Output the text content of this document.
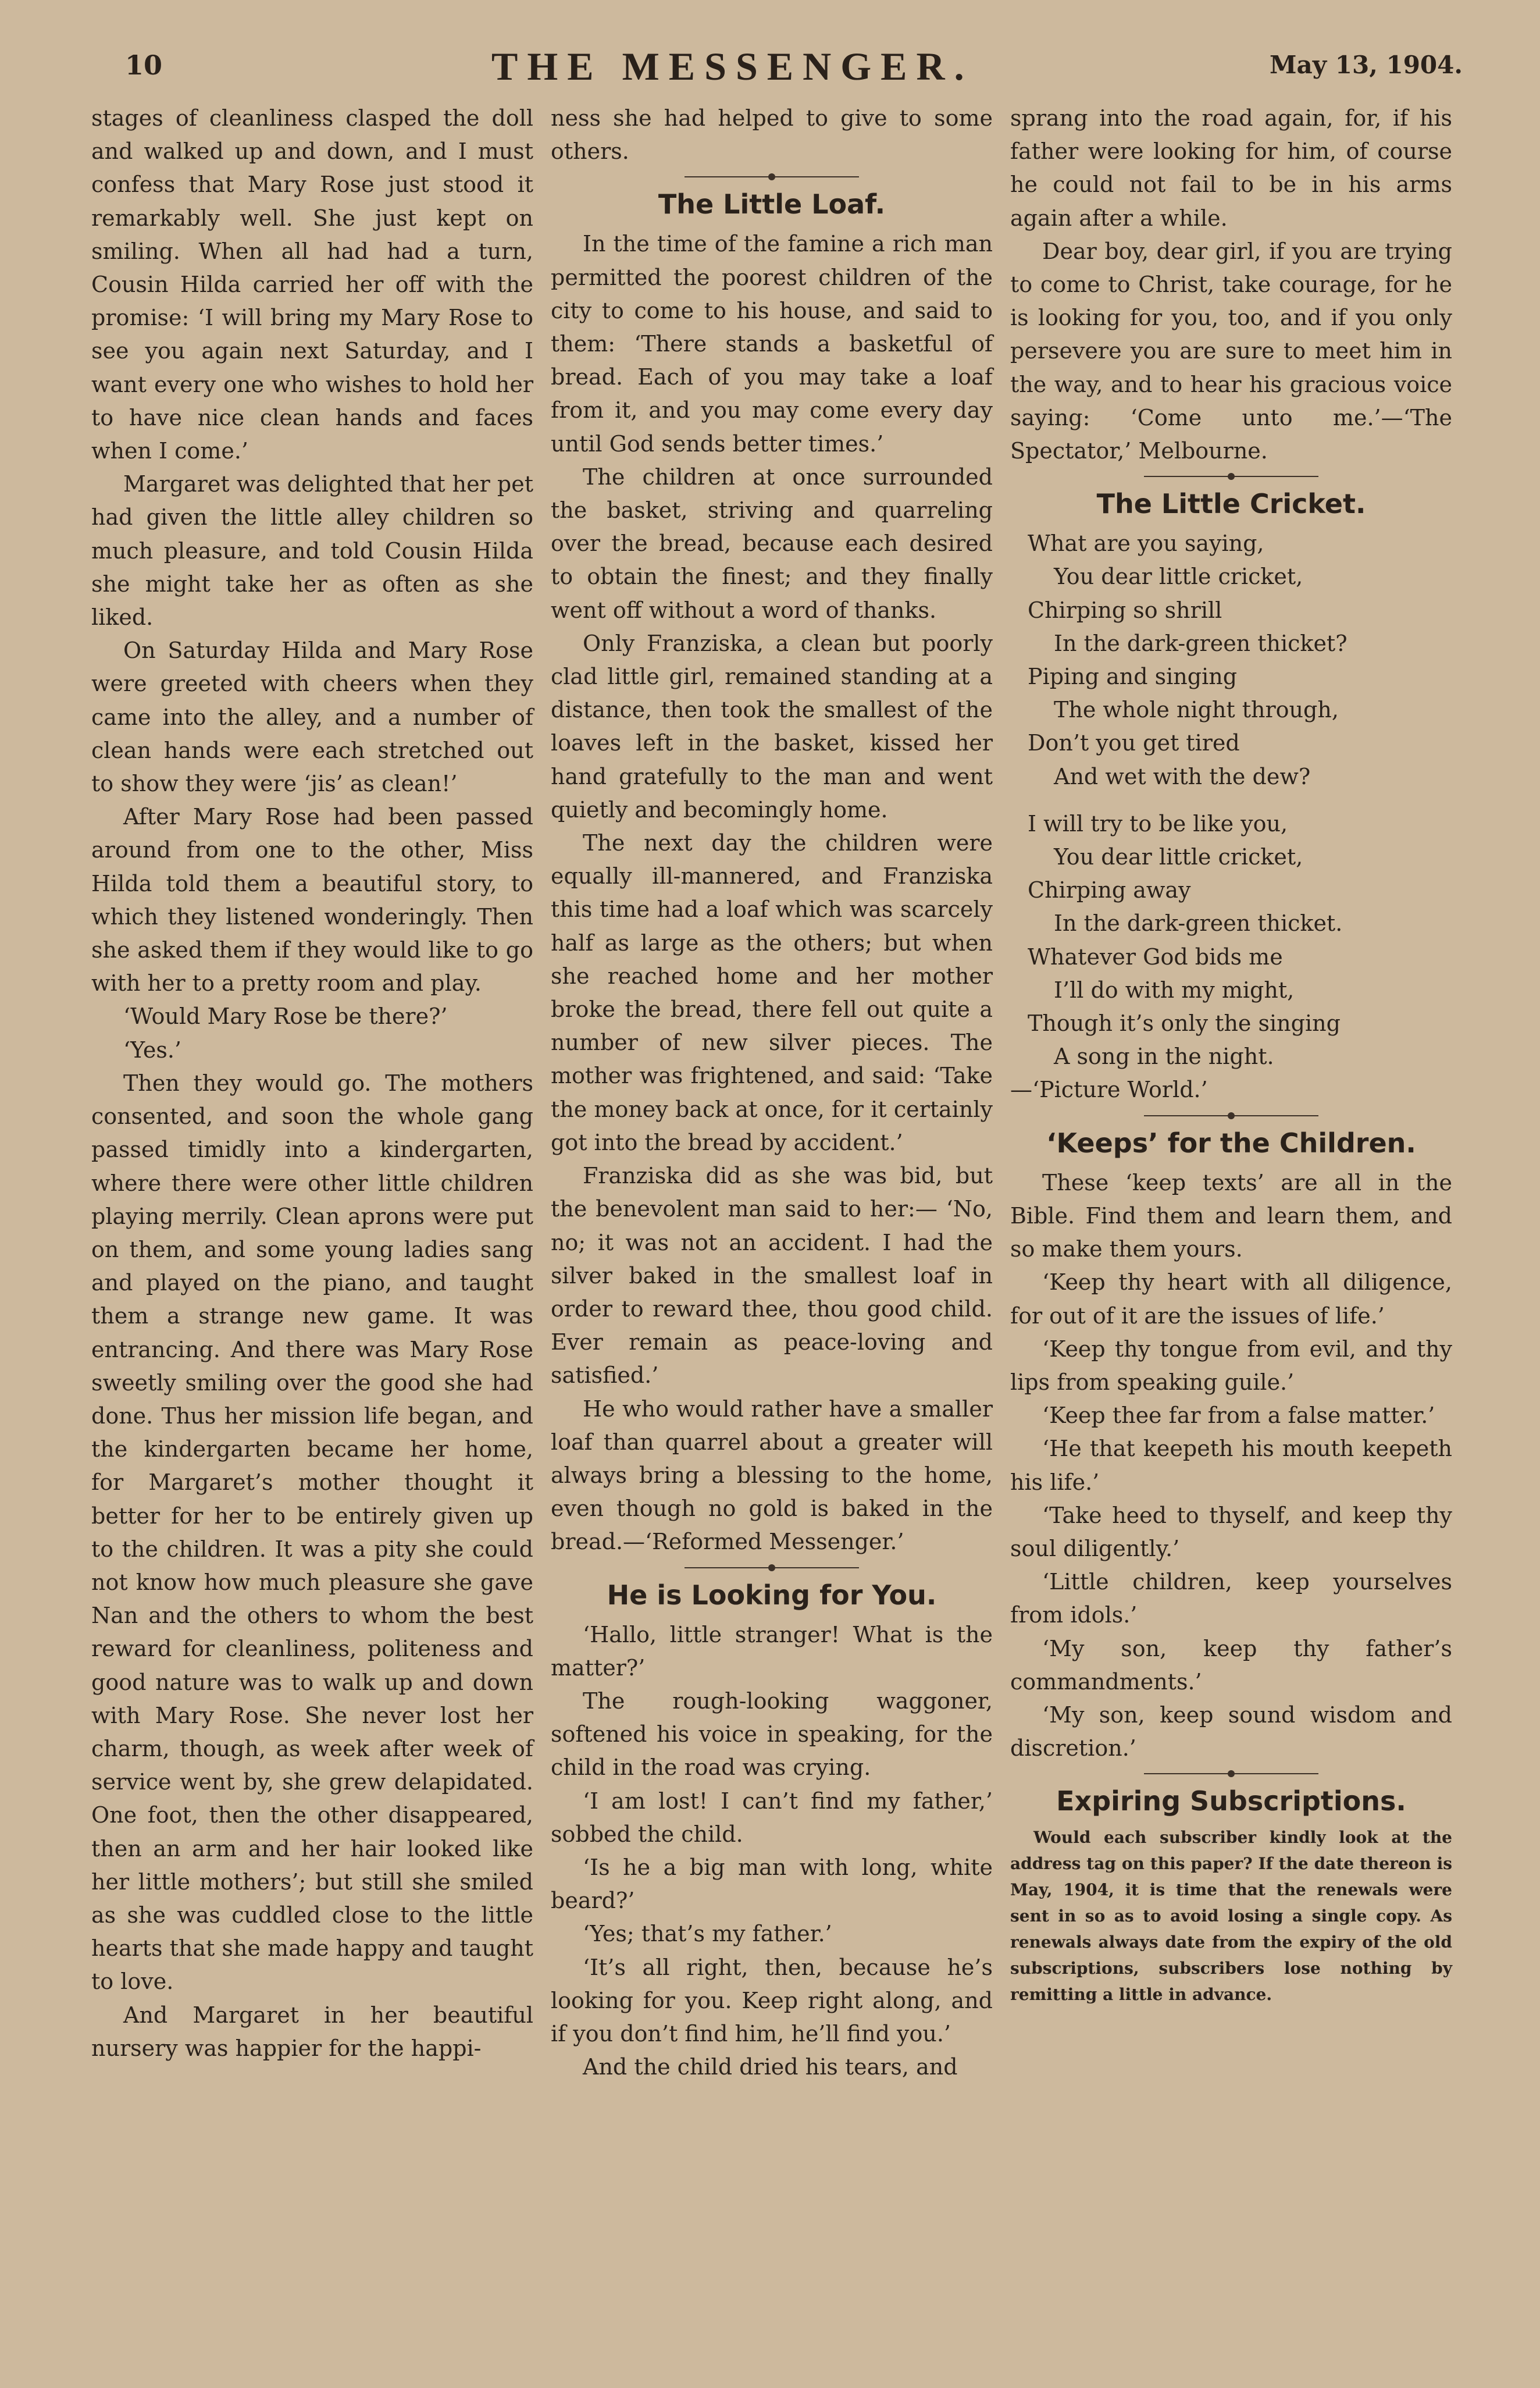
10	THE MESSENGER.	May 13, 1904.

stages of cleanliness clasped the doll and walked up and down, and I must confess that Mary Rose just stood it remarkably well. She just kept on smiling. When all had had a turn, Cousin Hilda carried her off with the promise: ‘I will bring my Mary Rose to see you again next Saturday, and I want every one who wishes to hold her to have nice clean hands and faces when I come.’

Margaret was delighted that her pet had given the little alley children so much pleasure, and told Cousin Hilda she might take her as often as she liked.

On Saturday Hilda and Mary Rose were greeted with cheers when they came into the alley, and a number of clean hands were each stretched out to show they were ‘jis’ as clean!’

After Mary Rose had been passed around from one to the other, Miss Hilda told them a beautiful story, to which they listened wonderingly. Then she asked them if they would like to go with her to a pretty room and play.

‘Would Mary Rose be there?’

‘Yes.’

Then they would go. The mothers consented, and soon the whole gang passed timidly into a kindergarten, where there were other little children playing merrily. Clean aprons were put on them, and some young ladies sang and played on the piano, and taught them a strange new game. It was entrancing. And there was Mary Rose sweetly smiling over the good she had done. Thus her mission life began, and the kindergarten became her home, for Margaret’s mother thought it better for her to be entirely given up to the children. It was a pity she could not know how much pleasure she gave Nan and the others to whom the best reward for cleanliness, politeness and good nature was to walk up and down with Mary Rose. She never lost her charm, though, as week after week of service went by, she grew delapidated. One foot, then the other disappeared, then an arm and her hair looked like her little mothers’; but still she smiled as she was cuddled close to the little hearts that she made happy and taught to love.

And Margaret in her beautiful nursery was happier for the happi-

ness she had helped to give to some others.

The Little Loaf.

In the time of the famine a rich man permitted the poorest children of the city to come to his house, and said to them: ‘There stands a basketful of bread. Each of you may take a loaf from it, and you may come every day until God sends better times.’

The children at once surrounded the basket, striving and quarreling over the bread, because each desired to obtain the finest; and they finally went off without a word of thanks.

Only Franziska, a clean but poorly clad little girl, remained standing at a distance, then took the smallest of the loaves left in the basket, kissed her hand gratefully to the man and went quietly and becomingly home.

The next day the children were equally ill-mannered, and Franziska this time had a loaf which was scarcely half as large as the others; but when she reached home and her mother broke the bread, there fell out quite a number of new silver pieces. The mother was frightened, and said: ‘Take the money back at once, for it certainly got into the bread by accident.’

Franziska did as she was bid, but the benevolent man said to her:— ‘No, no; it was not an accident. I had the silver baked in the smallest loaf in order to reward thee, thou good child. Ever remain as peace-loving and satisfied.’

He who would rather have a smaller loaf than quarrel about a greater will always bring a blessing to the home, even though no gold is baked in the bread.—‘Reformed Messenger.’

He is Looking for You.

‘Hallo, little stranger! What is the matter?’

The rough-looking waggoner, softened his voice in speaking, for the child in the road was crying.

‘I am lost! I can’t find my father,’ sobbed the child.

‘Is he a big man with long, white beard?’

‘Yes; that’s my father.’

‘It’s all right, then, because he’s looking for you. Keep right along, and if you don’t find him, he’ll find you.’

And the child dried his tears, and

sprang into the road again, for, if his father were looking for him, of course he could not fail to be in his arms again after a while.

Dear boy, dear girl, if you are trying to come to Christ, take courage, for he is looking for you, too, and if you only persevere you are sure to meet him in the way, and to hear his gracious voice saying: ‘Come unto me.’—‘The Spectator,’ Melbourne.

The Little Cricket.
What are you saying,
You dear little cricket,
Chirping so shrill
In the dark-green thicket?
Piping and singing
The whole night through,
Don’t you get tired
And wet with the dew?
I will try to be like you,
You dear little cricket,
Chirping away
In the dark-green thicket.
Whatever God bids me
I’ll do with my might,
Though it’s only the singing
A song in the night.
—‘Picture World.’
‘Keeps’ for the Children.

These ‘keep texts’ are all in the Bible. Find them and learn them, and so make them yours.

‘Keep thy heart with all diligence, for out of it are the issues of life.’

‘Keep thy tongue from evil, and thy lips from speaking guile.’

‘Keep thee far from a false matter.’

‘He that keepeth his mouth keepeth his life.’

‘Take heed to thyself, and keep thy soul diligently.’

‘Little children, keep yourselves from idols.’

‘My son, keep thy father’s commandments.’

‘My son, keep sound wisdom and discretion.’

Expiring Subscriptions.

Would each subscriber kindly look at the address tag on this paper? If the date thereon is May, 1904, it is time that the renewals were sent in so as to avoid losing a single copy. As renewals always date from the expiry of the old subscriptions, subscribers lose nothing by remitting a little in advance.
